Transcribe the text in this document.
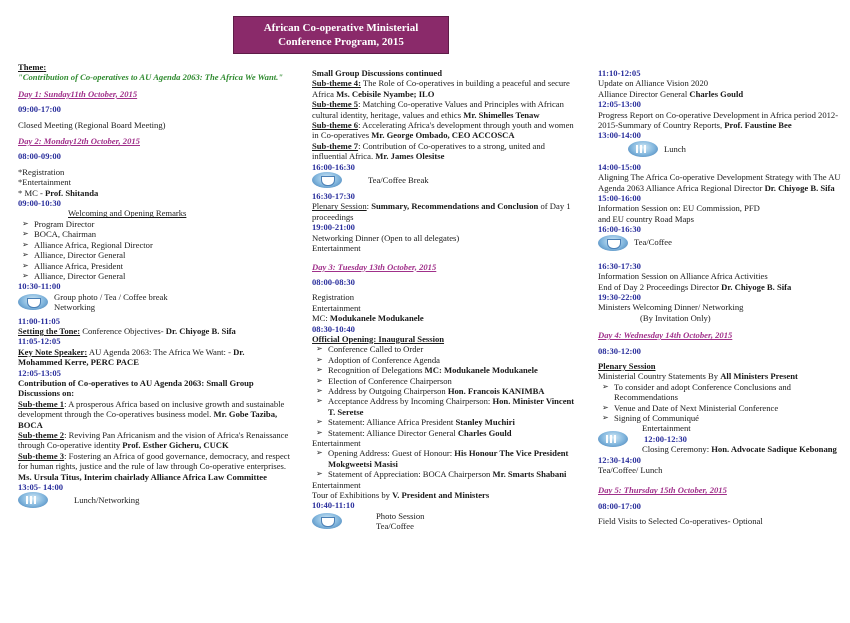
African Co-operative Ministerial
Conference Program, 2015
Theme:
"Contribution of Co-operatives to AU Agenda 2063: The Africa We Want."
Day 1: Sunday11th October, 2015
09:00-17:00
Closed Meeting (Regional Board Meeting)
Day 2: Monday12th October, 2015
08:00-09:00
*Registration
*Entertainment
* MC - Prof. Shitanda
09:00-10:30
Welcoming and Opening Remarks
➢ Program Director
➢ BOCA, Chairman
➢ Alliance Africa, Regional Director
➢ Alliance, Director General
➢ Alliance Africa, President
➢ Alliance, Director General
10:30-11:00
Group photo / Tea / Coffee break
Networking
11:00-11:05
Setting the Tone: Conference Objectives- Dr. Chiyoge B. Sifa
11:05-12:05
Key Note Speaker: AU Agenda 2063: The Africa We Want: - Dr. Mohammed Kerre, PERC PACE
12:05-13:05
Contribution of Co-operatives to AU Agenda 2063: Small Group Discussions on:
Sub-theme 1: A prosperous Africa based on inclusive growth and sustainable development through the Co-operatives business model. Mr. Gobe Taziba, BOCA
Sub-theme 2: Reviving Pan Africanism and the vision of Africa's Renaissance through Co-operative identity Prof. Esther Gicheru, CUCK
Sub-theme 3: Fostering an Africa of good governance, democracy, and respect for human rights, justice and the rule of law through Co-operative enterprises. Ms. Ursula Titus, Interim chairlady Alliance Africa Law Committee
13:05- 14:00
Lunch/Networking
Small Group Discussions continued
Sub-theme 4: The Role of Co-operatives in building a peaceful and secure Africa Ms. Cebisile Nyambe; ILO
Sub-theme 5: Matching Co-operative Values and Principles with African cultural identity, heritage, values and ethics Mr. Shimelles Tenaw
Sub-theme 6: Accelerating Africa's development through youth and women in Co-operatives Mr. George Ombado, CEO ACCOSCA
Sub-theme 7: Contribution of Co-operatives to a strong, united and influential Africa. Mr. James Olesitse
16:00-16:30
Tea/Coffee Break
16:30-17:30
Plenary Session: Summary, Recommendations and Conclusion of Day 1 proceedings
19:00-21:00
Networking Dinner (Open to all delegates)
Entertainment
Day 3: Tuesday 13th October, 2015
08:00-08:30
Registration
Entertainment
MC: Modukanele Modukanele
08:30-10:40
Official Opening: Inaugural Session
➢ Conference Called to Order
➢ Adoption of Conference Agenda
➢ Recognition of Delegations MC: Modukanele Modukanele
➢ Election of Conference Chairperson
➢ Address by Outgoing Chairperson Hon. Francois KANIMBA
➢ Acceptance Address by Incoming Chairperson: Hon. Minister Vincent T. Seretse
➢ Statement: Alliance Africa President Stanley Muchiri
➢ Statement: Alliance Director General Charles Gould
Entertainment
➢ Opening Address: Guest of Honour: His Honour The Vice President Mokgweetsi Masisi
➢ Statement of Appreciation: BOCA Chairperson Mr. Smarts Shabani
Entertainment
Tour of Exhibitions by V. President and Ministers
10:40-11:10
Photo Session
Tea/Coffee
11:10-12:05
Update on Alliance Vision 2020
Alliance Director General Charles Gould
12:05-13:00
Progress Report on Co-operative Development in Africa period 2012-2015-Summary of Country Reports, Prof. Faustine Bee
13:00-14:00
Lunch
14:00-15:00
Aligning The Africa Co-operative Development Strategy with The AU Agenda 2063 Alliance Africa Regional Director Dr. Chiyoge B. Sifa
15:00-16:00
Information Session on: EU Commission, PFD
and EU country Road Maps
16:00-16:30
Tea/Coffee
16:30-17:30
Information Session on Alliance Africa Activities
End of Day 2 Proceedings Director Dr. Chiyoge B. Sifa
19:30-22:00
Ministers Welcoming Dinner/ Networking
(By Invitation Only)
Day 4: Wednesday 14th October, 2015
08:30-12:00
Plenary Session
Ministerial Country Statements By All Ministers Present
➢ To consider and adopt Conference Conclusions and Recommendations
➢ Venue and Date of Next Ministerial Conference
➢ Signing of Communiqué
Entertainment
12:00-12:30
Closing Ceremony: Hon. Advocate Sadique Kebonang
12:30-14:00
Tea/Coffee/ Lunch
Day 5: Thursday 15th October, 2015
08:00-17:00
Field Visits to Selected Co-operatives- Optional
